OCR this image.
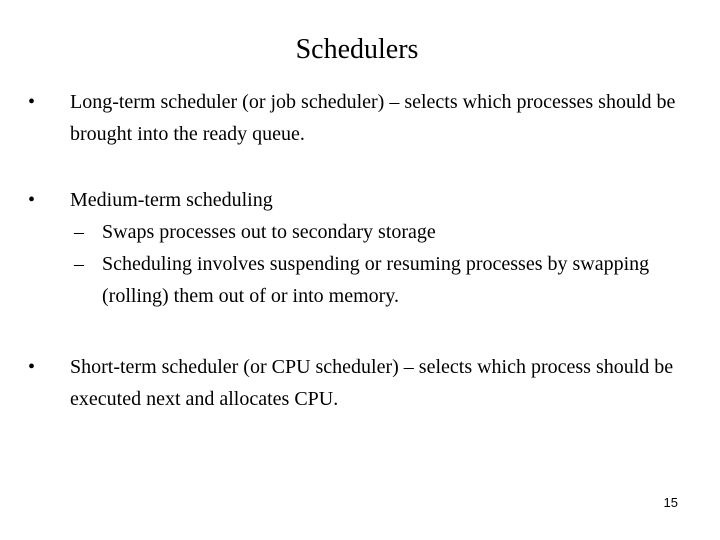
Schedulers

• Long-term scheduler (or job scheduler) – selects which processes should be brought into the ready queue.

• Medium-term scheduling

– Swaps processes out to secondary storage

– Scheduling involves suspending or resuming processes by swapping (rolling) them out of or into memory.

• Short-term scheduler (or CPU scheduler) – selects which process should be executed next and allocates CPU.

15
